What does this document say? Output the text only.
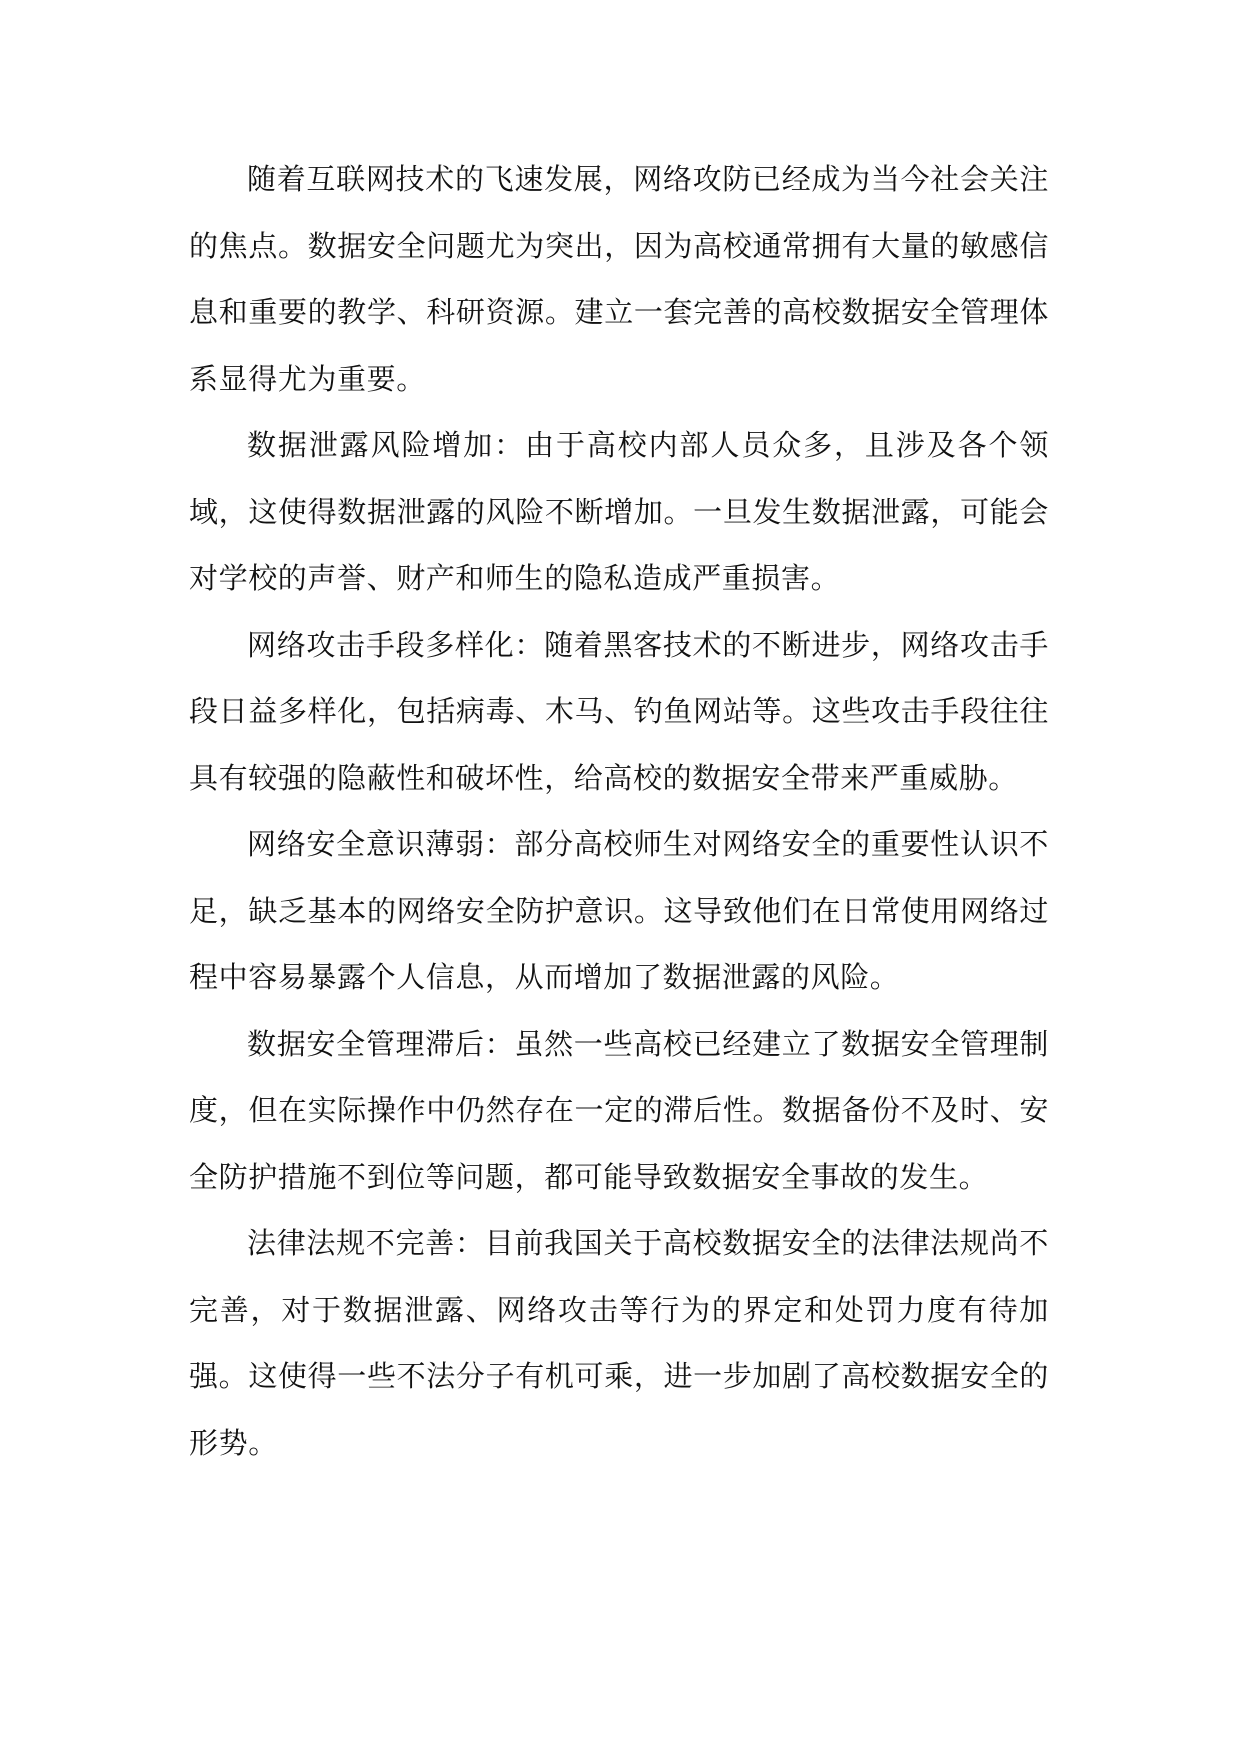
随着互联网技术的飞速发展，网络攻防已经成为当今社会关注的焦点。数据安全问题尤为突出，因为高校通常拥有大量的敏感信息和重要的教学、科研资源。建立一套完善的高校数据安全管理体系显得尤为重要。

数据泄露风险增加：由于高校内部人员众多，且涉及各个领域，这使得数据泄露的风险不断增加。一旦发生数据泄露，可能会对学校的声誉、财产和师生的隐私造成严重损害。

网络攻击手段多样化：随着黑客技术的不断进步，网络攻击手段日益多样化，包括病毒、木马、钓鱼网站等。这些攻击手段往往具有较强的隐蔽性和破坏性，给高校的数据安全带来严重威胁。

网络安全意识薄弱：部分高校师生对网络安全的重要性认识不足，缺乏基本的网络安全防护意识。这导致他们在日常使用网络过程中容易暴露个人信息，从而增加了数据泄露的风险。

数据安全管理滞后：虽然一些高校已经建立了数据安全管理制度，但在实际操作中仍然存在一定的滞后性。数据备份不及时、安全防护措施不到位等问题，都可能导致数据安全事故的发生。

法律法规不完善：目前我国关于高校数据安全的法律法规尚不完善，对于数据泄露、网络攻击等行为的界定和处罚力度有待加强。这使得一些不法分子有机可乘，进一步加剧了高校数据安全的形势。
